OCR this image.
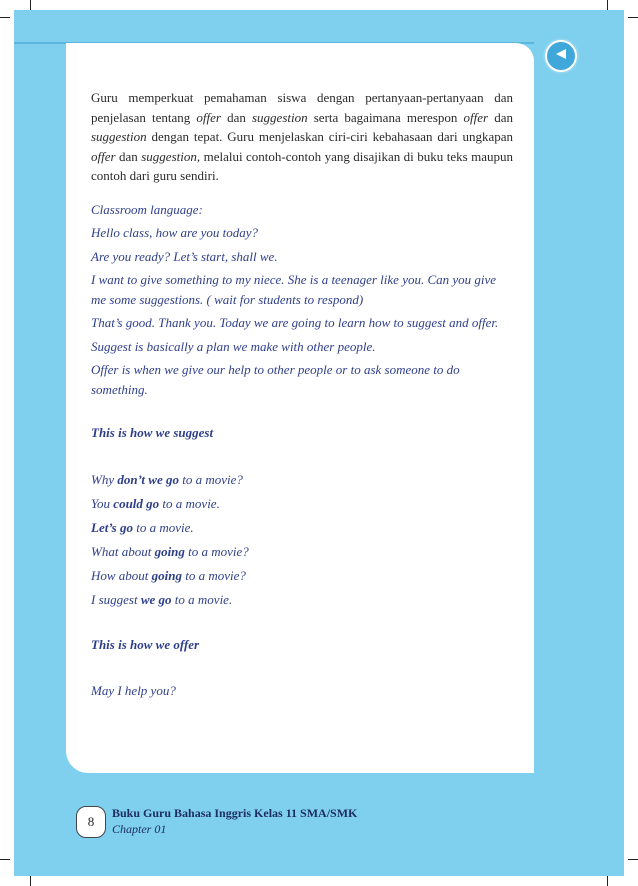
Guru memperkuat pemahaman siswa dengan pertanyaan-pertanyaan dan penjelasan tentang offer dan suggestion serta bagaimana merespon offer dan suggestion dengan tepat. Guru menjelaskan ciri-ciri kebahasaan dari ungkapan offer dan suggestion, melalui contoh-contoh yang disajikan di buku teks maupun contoh dari guru sendiri.

Classroom language:

Hello class, how are you today?

Are you ready? Let’s start, shall we.

I want to give something to my niece. She is a teenager like you. Can you give me some suggestions. ( wait for students to respond)

That’s good. Thank you. Today we are going to learn how to suggest and offer.

Suggest is basically a plan we make with other people.

Offer is when we give our help to other people or to ask someone to do something.

This is how we suggest

Why don’t we go to a movie?

You could go to a movie.

Let’s go to a movie.

What about going to a movie?

How about going to a movie?

I suggest we go to a movie.

This is how we offer

May I help you?

8
Buku Guru Bahasa Inggris Kelas 11 SMA/SMK
Chapter 01
